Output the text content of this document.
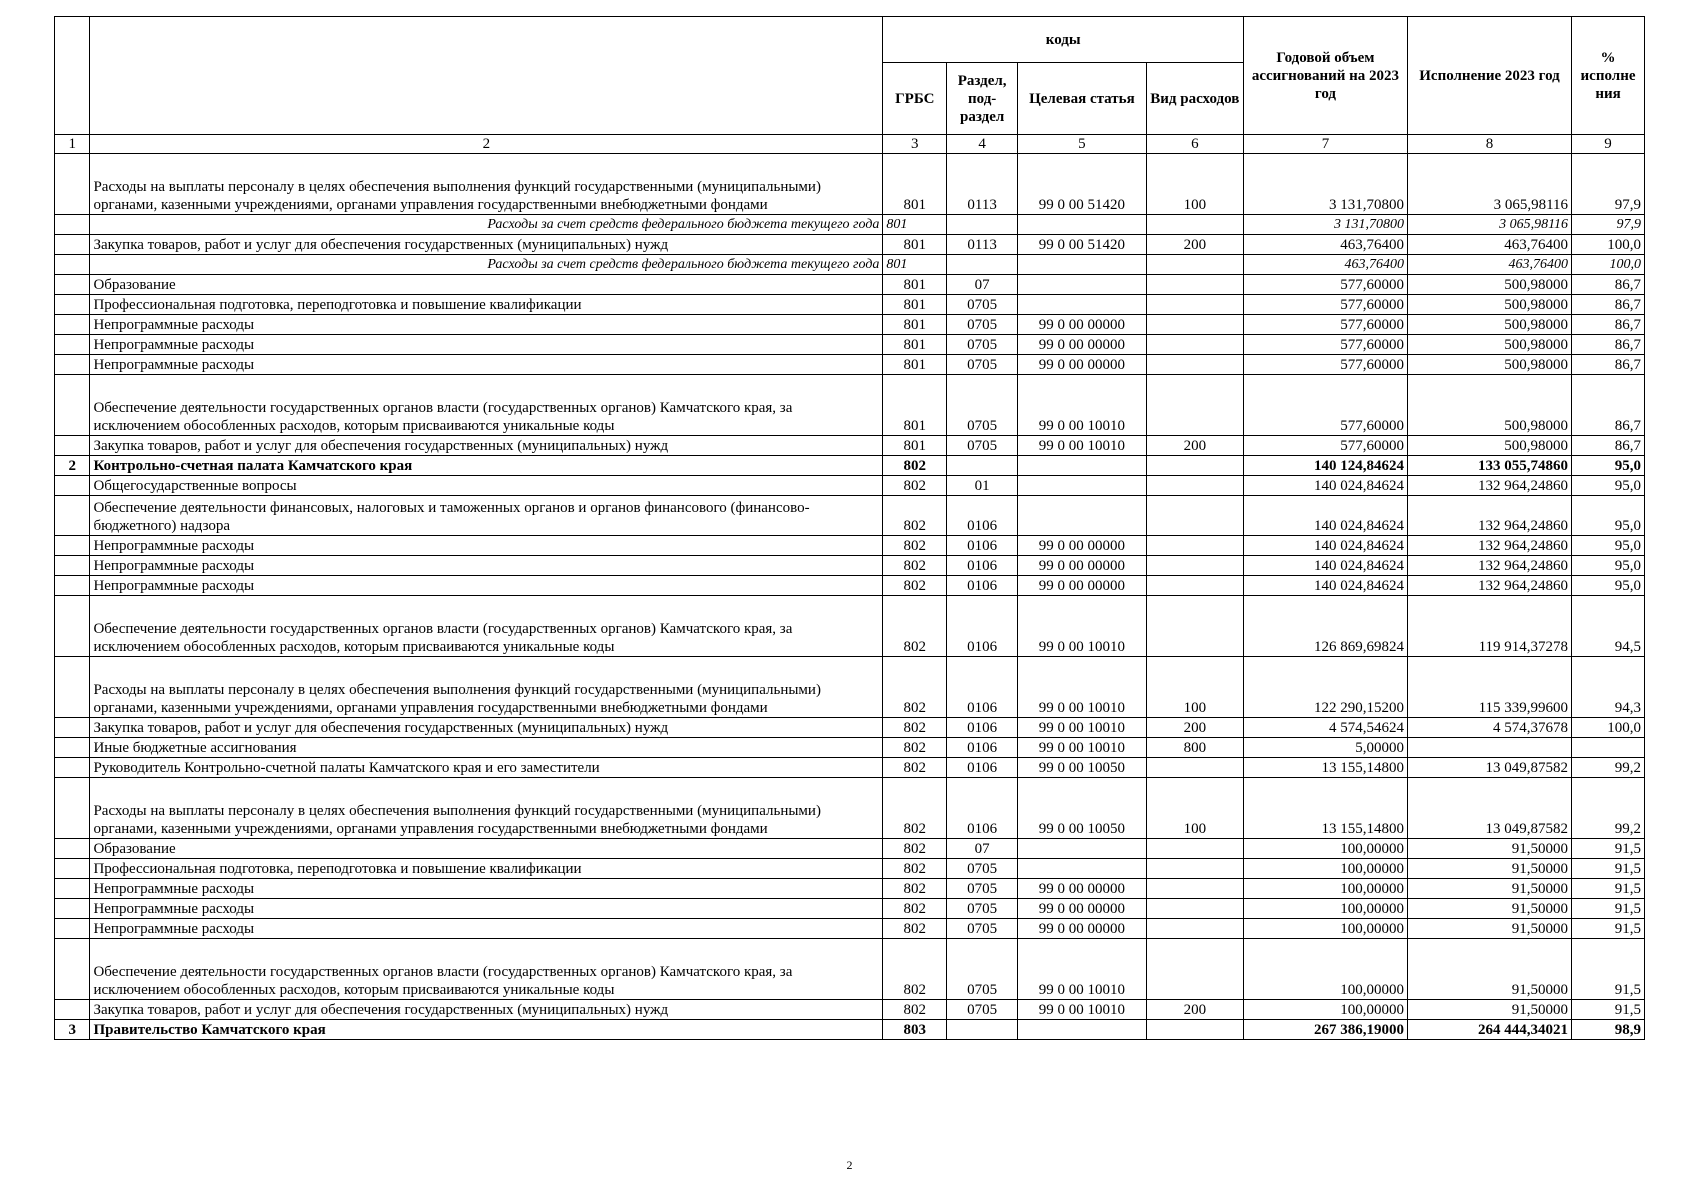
		коды				Годовой объем ассигнований на 2023 год	Исполнение 2023 год	% исполне ния
		ГРБС	Раздел, под-раздел	Целевая статья	Вид расходов			
1	2	3	4	5	6	7	8	9
	Расходы на выплаты персоналу в целях обеспечения выполнения функций государственными (муниципальными) органами, казенными учреждениями, органами управления государственными внебюджетными фондами	801	0113	99 0 00 51420	100	3 131,70800	3 065,98116	97,9
	Расходы за счет средств федерального бюджета текущего года	801				3 131,70800	3 065,98116	97,9
	Закупка товаров, работ и услуг для обеспечения государственных (муниципальных) нужд	801	0113	99 0 00 51420	200	463,76400	463,76400	100,0
	Расходы за счет средств федерального бюджета текущего года	801				463,76400	463,76400	100,0
	Образование	801	07			577,60000	500,98000	86,7
	Профессиональная подготовка, переподготовка и повышение квалификации	801	0705			577,60000	500,98000	86,7
	Непрограммные расходы	801	0705	99 0 00 00000		577,60000	500,98000	86,7
	Непрограммные расходы	801	0705	99 0 00 00000		577,60000	500,98000	86,7
	Непрограммные расходы	801	0705	99 0 00 00000		577,60000	500,98000	86,7
	Обеспечение деятельности государственных органов власти (государственных органов) Камчатского края, за исключением обособленных расходов, которым присваиваются уникальные коды	801	0705	99 0 00 10010		577,60000	500,98000	86,7
	Закупка товаров, работ и услуг для обеспечения государственных (муниципальных) нужд	801	0705	99 0 00 10010	200	577,60000	500,98000	86,7
2	Контрольно-счетная палата Камчатского края	802				140 124,84624	133 055,74860	95,0
	Общегосударственные вопросы	802	01			140 024,84624	132 964,24860	95,0
	Обеспечение деятельности финансовых, налоговых и таможенных органов и органов финансового (финансово-бюджетного) надзора	802	0106			140 024,84624	132 964,24860	95,0
	Непрограммные расходы	802	0106	99 0 00 00000		140 024,84624	132 964,24860	95,0
	Непрограммные расходы	802	0106	99 0 00 00000		140 024,84624	132 964,24860	95,0
	Непрограммные расходы	802	0106	99 0 00 00000		140 024,84624	132 964,24860	95,0
	Обеспечение деятельности государственных органов власти (государственных органов) Камчатского края, за исключением обособленных расходов, которым присваиваются уникальные коды	802	0106	99 0 00 10010		126 869,69824	119 914,37278	94,5
	Расходы на выплаты персоналу в целях обеспечения выполнения функций государственными (муниципальными) органами, казенными учреждениями, органами управления государственными внебюджетными фондами	802	0106	99 0 00 10010	100	122 290,15200	115 339,99600	94,3
	Закупка товаров, работ и услуг для обеспечения государственных (муниципальных) нужд	802	0106	99 0 00 10010	200	4 574,54624	4 574,37678	100,0
	Иные бюджетные ассигнования	802	0106	99 0 00 10010	800	5,00000		
	Руководитель Контрольно-счетной палаты Камчатского края и его заместители	802	0106	99 0 00 10050		13 155,14800	13 049,87582	99,2
	Расходы на выплаты персоналу в целях обеспечения выполнения функций государственными (муниципальными) органами, казенными учреждениями, органами управления государственными внебюджетными фондами	802	0106	99 0 00 10050	100	13 155,14800	13 049,87582	99,2
	Образование	802	07			100,00000	91,50000	91,5
	Профессиональная подготовка, переподготовка и повышение квалификации	802	0705			100,00000	91,50000	91,5
	Непрограммные расходы	802	0705	99 0 00 00000		100,00000	91,50000	91,5
	Непрограммные расходы	802	0705	99 0 00 00000		100,00000	91,50000	91,5
	Непрограммные расходы	802	0705	99 0 00 00000		100,00000	91,50000	91,5
	Обеспечение деятельности государственных органов власти (государственных органов) Камчатского края, за исключением обособленных расходов, которым присваиваются уникальные коды	802	0705	99 0 00 10010		100,00000	91,50000	91,5
	Закупка товаров, работ и услуг для обеспечения государственных (муниципальных) нужд	802	0705	99 0 00 10010	200	100,00000	91,50000	91,5
3	Правительство Камчатского края	803				267 386,19000	264 444,34021	98,9
2
